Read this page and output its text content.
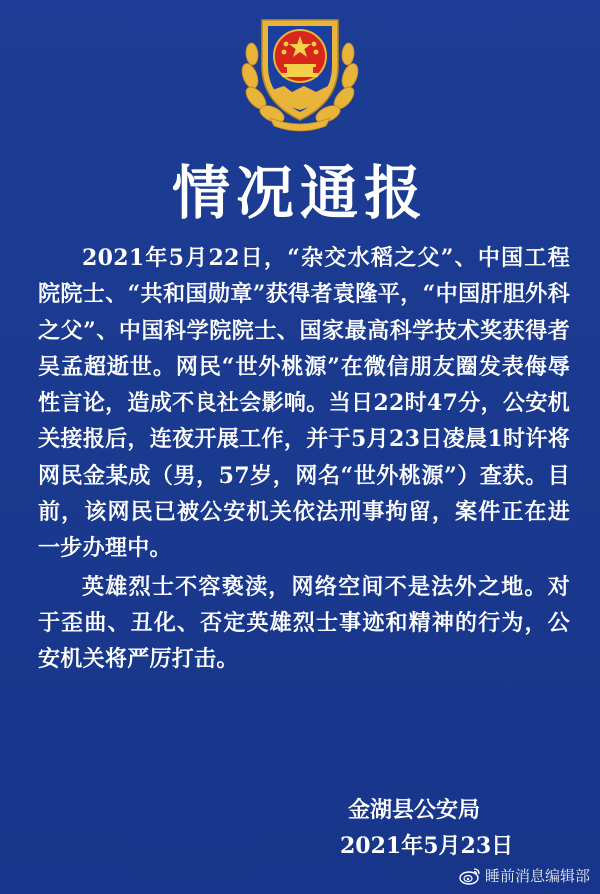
情况通报

2021年5月22日，“杂交水稻之父”、中国工程院院士、“共和国勋章”获得者袁隆平，“中国肝胆外科之父”、中国科学院院士、国家最高科学技术奖获得者吴孟超逝世。网民“世外桃源”在微信朋友圈发表侮辱性言论，造成不良社会影响。当日22时47分，公安机关接报后，连夜开展工作，并于5月23日凌晨1时许将网民金某成（男，57岁，网名“世外桃源”）查获。目前，该网民已被公安机关依法刑事拘留，案件正在进一步办理中。

英雄烈士不容亵渎，网络空间不是法外之地。对于歪曲、丑化、否定英雄烈士事迹和精神的行为，公安机关将严厉打击。

金湖县公安局
2021年5月23日
睡前消息编辑部
